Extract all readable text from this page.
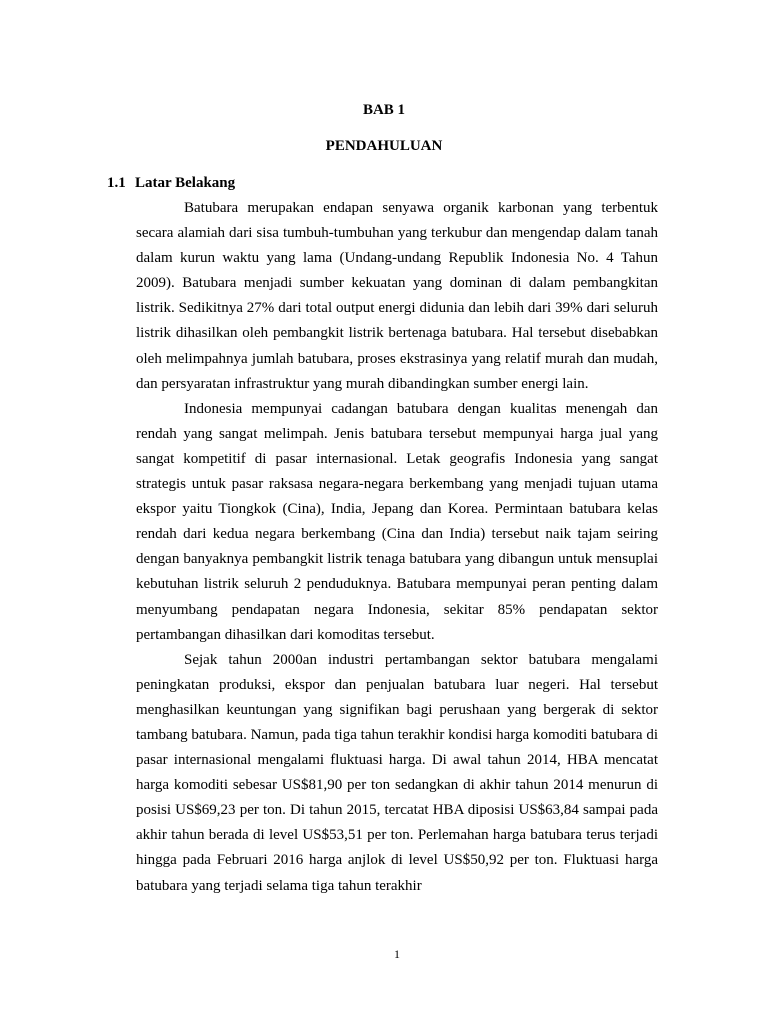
BAB 1
PENDAHULUAN
1.1 Latar Belakang

Batubara merupakan endapan senyawa organik karbonan yang terbentuk secara alamiah dari sisa tumbuh-tumbuhan yang terkubur dan mengendap dalam tanah dalam kurun waktu yang lama (Undang-undang Republik Indonesia No. 4 Tahun 2009). Batubara menjadi sumber kekuatan yang dominan di dalam pembangkitan listrik. Sedikitnya 27% dari total output energi didunia dan lebih dari 39% dari seluruh listrik dihasilkan oleh pembangkit listrik bertenaga batubara. Hal tersebut disebabkan oleh melimpahnya jumlah batubara, proses ekstrasinya yang relatif murah dan mudah, dan persyaratan infrastruktur yang murah dibandingkan sumber energi lain.

Indonesia mempunyai cadangan batubara dengan kualitas menengah dan rendah yang sangat melimpah. Jenis batubara tersebut mempunyai harga jual yang sangat kompetitif di pasar internasional. Letak geografis Indonesia yang sangat strategis untuk pasar raksasa negara-negara berkembang yang menjadi tujuan utama ekspor yaitu Tiongkok (Cina), India, Jepang dan Korea. Permintaan batubara kelas rendah dari kedua negara berkembang (Cina dan India) tersebut naik tajam seiring dengan banyaknya pembangkit listrik tenaga batubara yang dibangun untuk mensuplai kebutuhan listrik seluruh 2 penduduknya. Batubara mempunyai peran penting dalam menyumbang pendapatan negara Indonesia, sekitar 85% pendapatan sektor pertambangan dihasilkan dari komoditas tersebut.

Sejak tahun 2000an industri pertambangan sektor batubara mengalami peningkatan produksi, ekspor dan penjualan batubara luar negeri. Hal tersebut menghasilkan keuntungan yang signifikan bagi perushaan yang bergerak di sektor tambang batubara. Namun, pada tiga tahun terakhir kondisi harga komoditi batubara di pasar internasional mengalami fluktuasi harga. Di awal tahun 2014, HBA mencatat harga komoditi sebesar US$81,90 per ton sedangkan di akhir tahun 2014 menurun di posisi US$69,23 per ton. Di tahun 2015, tercatat HBA diposisi US$63,84 sampai pada akhir tahun berada di level US$53,51 per ton. Perlemahan harga batubara terus terjadi hingga pada Februari 2016 harga anjlok di level US$50,92 per ton. Fluktuasi harga batubara yang terjadi selama tiga tahun terakhir

1
